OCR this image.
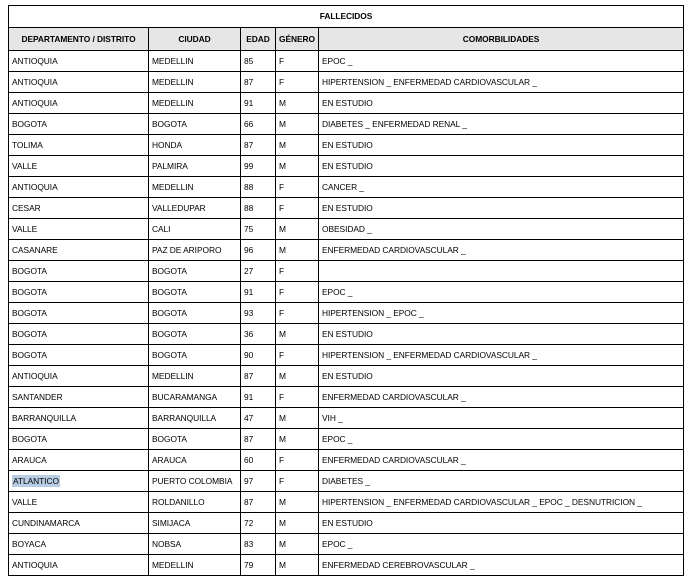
FALLECIDOS				
DEPARTAMENTO / DISTRITO	CIUDAD	EDAD	GÉNERO	COMORBILIDADES
ANTIOQUIA	MEDELLIN	85	F	EPOC _
ANTIOQUIA	MEDELLIN	87	F	HIPERTENSION _ ENFERMEDAD CARDIOVASCULAR _
ANTIOQUIA	MEDELLIN	91	M	EN ESTUDIO
BOGOTA	BOGOTA	66	M	DIABETES _ ENFERMEDAD RENAL _
TOLIMA	HONDA	87	M	EN ESTUDIO
VALLE	PALMIRA	99	M	EN ESTUDIO
ANTIOQUIA	MEDELLIN	88	F	CANCER _
CESAR	VALLEDUPAR	88	F	EN ESTUDIO
VALLE	CALI	75	M	OBESIDAD _
CASANARE	PAZ DE ARIPORO	96	M	ENFERMEDAD CARDIOVASCULAR _
BOGOTA	BOGOTA	27	F	
BOGOTA	BOGOTA	91	F	EPOC _
BOGOTA	BOGOTA	93	F	HIPERTENSION _ EPOC _
BOGOTA	BOGOTA	36	M	EN ESTUDIO
BOGOTA	BOGOTA	90	F	HIPERTENSION _ ENFERMEDAD CARDIOVASCULAR _
ANTIOQUIA	MEDELLIN	87	M	EN ESTUDIO
SANTANDER	BUCARAMANGA	91	F	ENFERMEDAD CARDIOVASCULAR _
BARRANQUILLA	BARRANQUILLA	47	M	VIH _
BOGOTA	BOGOTA	87	M	EPOC _
ARAUCA	ARAUCA	60	F	ENFERMEDAD CARDIOVASCULAR _
ATLANTICO	PUERTO COLOMBIA	97	F	DIABETES _
VALLE	ROLDANILLO	87	M	HIPERTENSION _ ENFERMEDAD CARDIOVASCULAR _ EPOC _ DESNUTRICION _
CUNDINAMARCA	SIMIJACA	72	M	EN ESTUDIO
BOYACA	NOBSA	83	M	EPOC _
ANTIOQUIA	MEDELLIN	79	M	ENFERMEDAD CEREBROVASCULAR _
